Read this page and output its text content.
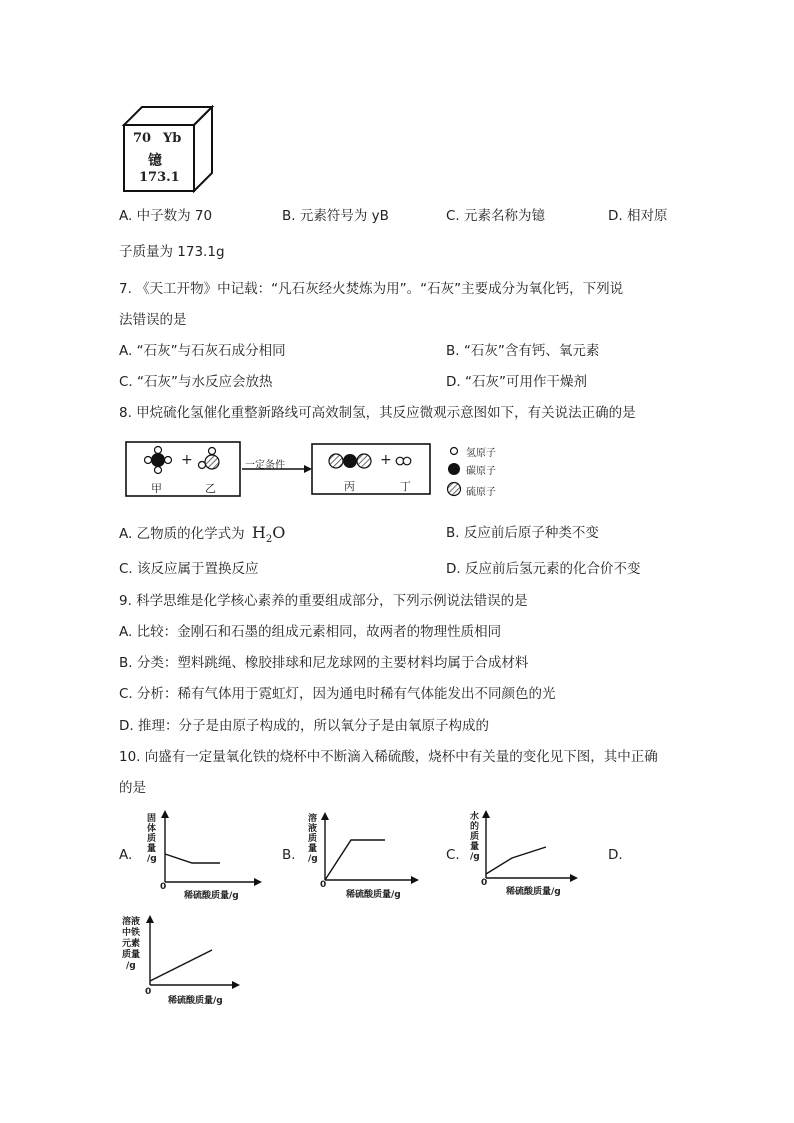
70 Yb
镱
173.1
A. 中子数为 70	B. 元素符号为 yB	C. 元素名称为镱	D. 相对原
子质量为 173.1g
7. 《天工开物》中记载：“凡石灰经火焚炼为用”。“石灰”主要成分为氧化钙，下列说
法错误的是
A. “石灰”与石灰石成分相同	B. “石灰”含有钙、氧元素
C. “石灰”与水反应会放热	D. “石灰”可用作干燥剂
8. 甲烷硫化氢催化重整新路线可高效制氢，其反应微观示意图如下，有关说法正确的是
甲
+
乙
一定条件
丙
+
丁
氢原子
碳原子
硫原子
A. 乙物质的化学式为 $H_2O$	B. 反应前后原子种类不变
C. 该反应属于置换反应	D. 反应前后氢元素的化合价不变
9. 科学思维是化学核心素养的重要组成部分，下列示例说法错误的是
A. 比较：金刚石和石墨的组成元素相同，故两者的物理性质相同
B. 分类：塑料跳绳、橡胶排球和尼龙球网的主要材料均属于合成材料
C. 分析：稀有气体用于霓虹灯，因为通电时稀有气体能发出不同颜色的光
D. 推理：分子是由原子构成的，所以氧分子是由氧原子构成的
10. 向盛有一定量氧化铁的烧杯中不断滴入稀硫酸，烧杯中有关量的变化见下图，其中正确
的是
A.	B.	C.	D.
固
体
质
量
/g
0
稀硫酸质量/g
溶
液
质
量
/g
0
稀硫酸质量/g
水
的
质
量
/g
0
稀硫酸质量/g
溶液
中铁
元素
质量
/g
0
稀硫酸质量/g
